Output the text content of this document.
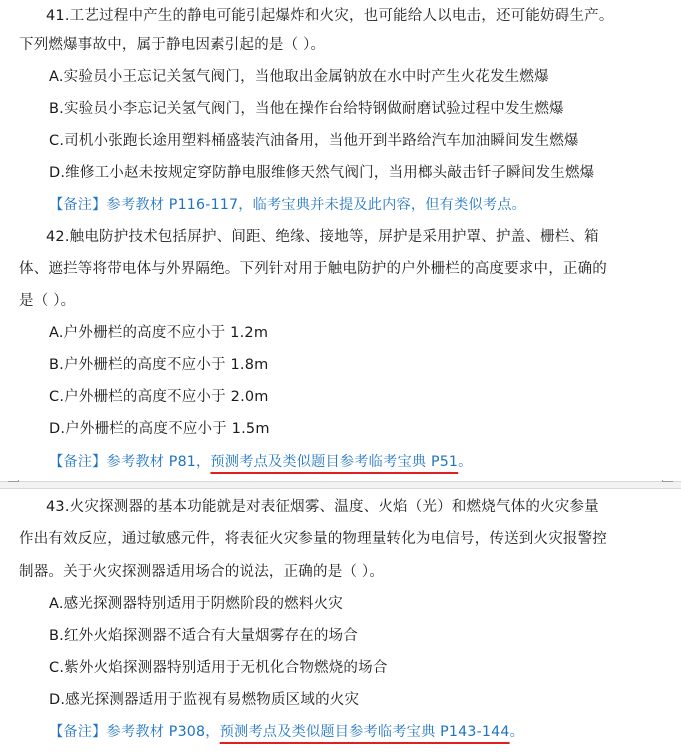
41.工艺过程中产生的静电可能引起爆炸和火灾，也可能给人以电击，还可能妨碍生产。
下列燃爆事故中，属于静电因素引起的是（ ）。
A.实验员小王忘记关氢气阀门，当他取出金属钠放在水中时产生火花发生燃爆
B.实验员小李忘记关氢气阀门，当他在操作台给特钢做耐磨试验过程中发生燃爆
C.司机小张跑长途用塑料桶盛装汽油备用，当他开到半路给汽车加油瞬间发生燃爆
D.维修工小赵未按规定穿防静电服维修天然气阀门，当用榔头敲击钎子瞬间发生燃爆
【备注】参考教材 P116-117，临考宝典并未提及此内容，但有类似考点。
42.触电防护技术包括屏护、间距、绝缘、接地等，屏护是采用护罩、护盖、栅栏、箱
体、遮拦等将带电体与外界隔绝。下列针对用于触电防护的户外栅栏的高度要求中，正确的
是（ ）。
A.户外栅栏的高度不应小于 1.2m
B.户外栅栏的高度不应小于 1.8m
C.户外栅栏的高度不应小于 2.0m
D.户外栅栏的高度不应小于 1.5m
【备注】参考教材 P81，预测考点及类似题目参考临考宝典 P51。
43.火灾探测器的基本功能就是对表征烟雾、温度、火焰（光）和燃烧气体的火灾参量
作出有效反应，通过敏感元件，将表征火灾参量的物理量转化为电信号，传送到火灾报警控
制器。关于火灾探测器适用场合的说法，正确的是（ ）。
A.感光探测器特别适用于阴燃阶段的燃料火灾
B.红外火焰探测器不适合有大量烟雾存在的场合
C.紫外火焰探测器特别适用于无机化合物燃烧的场合
D.感光探测器适用于监视有易燃物质区域的火灾
【备注】参考教材 P308，预测考点及类似题目参考临考宝典 P143-144。
